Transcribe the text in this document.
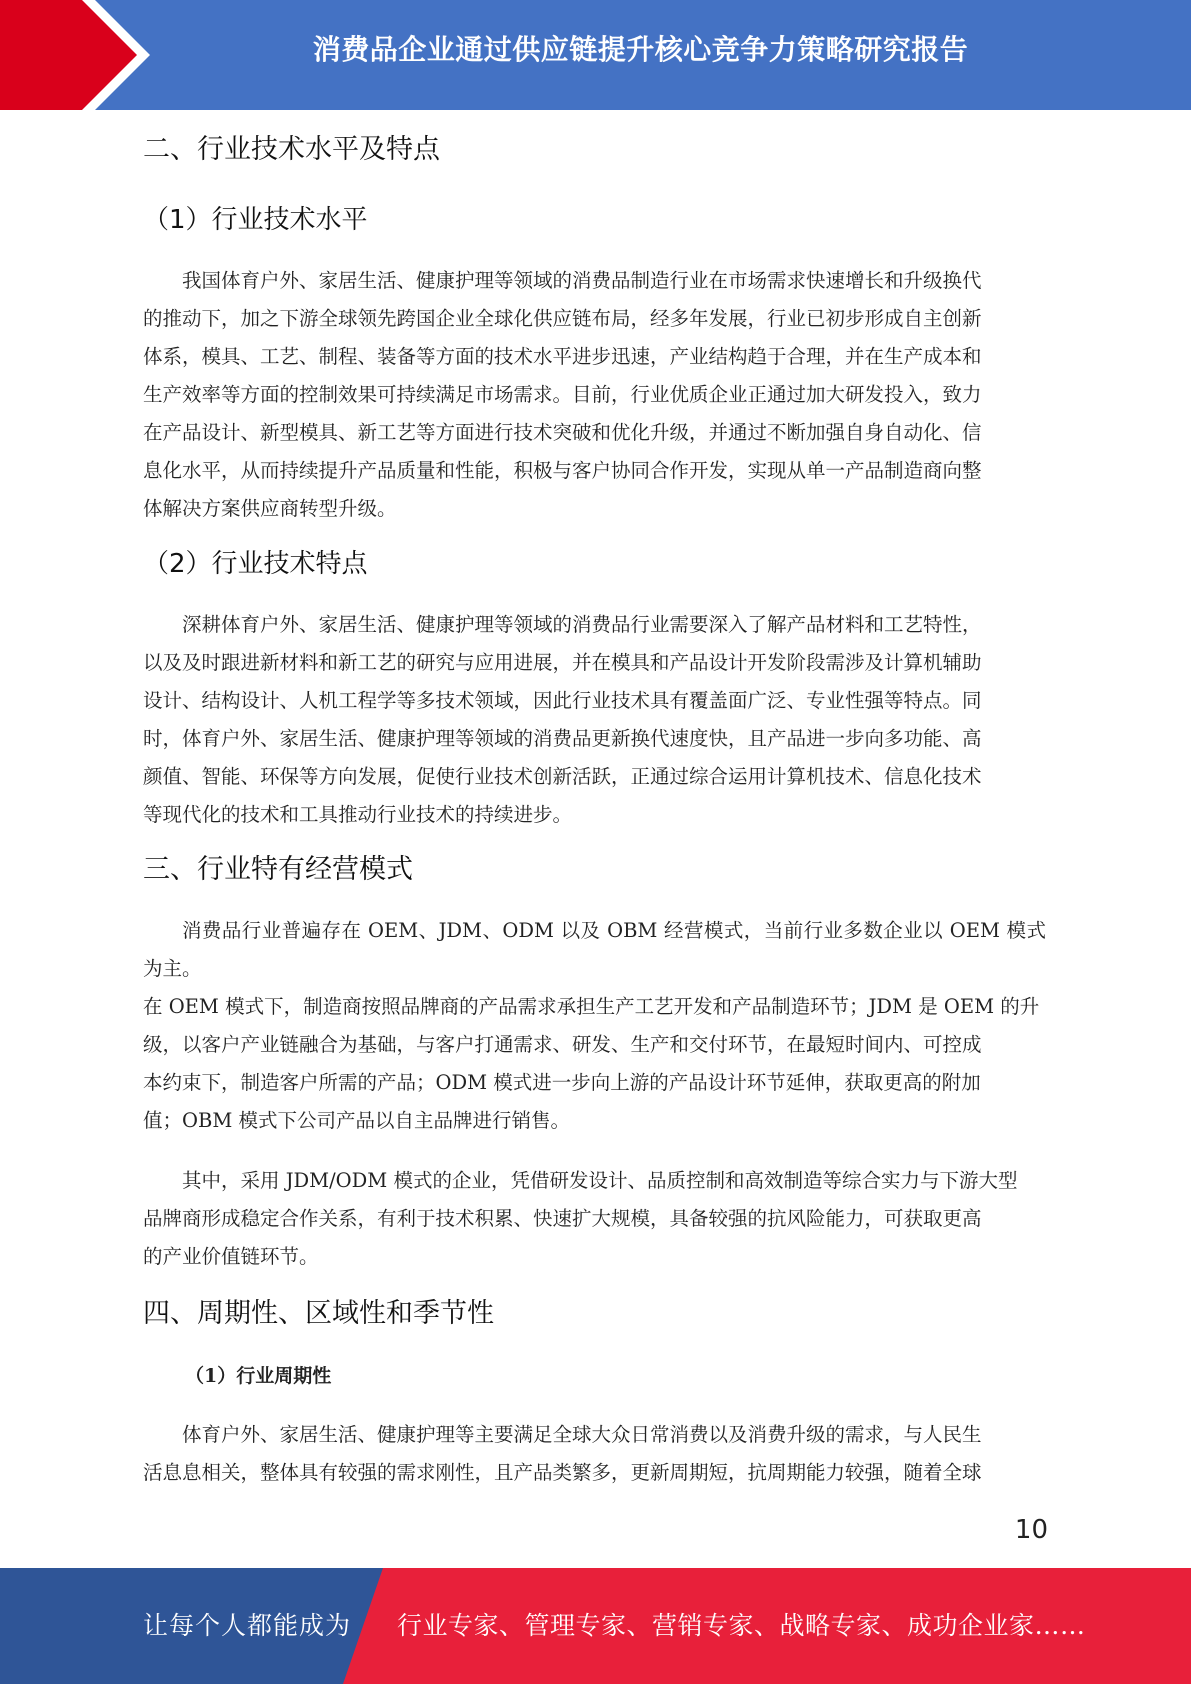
消费品企业通过供应链提升核心竞争力策略研究报告
二、行业技术水平及特点
（1）行业技术水平

我国体育户外、家居生活、健康护理等领域的消费品制造行业在市场需求快速增长和升级换代

的推动下，加之下游全球领先跨国企业全球化供应链布局，经多年发展，行业已初步形成自主创新

体系，模具、工艺、制程、装备等方面的技术水平进步迅速，产业结构趋于合理，并在生产成本和

生产效率等方面的控制效果可持续满足市场需求。目前，行业优质企业正通过加大研发投入，致力

在产品设计、新型模具、新工艺等方面进行技术突破和优化升级，并通过不断加强自身自动化、信

息化水平，从而持续提升产品质量和性能，积极与客户协同合作开发，实现从单一产品制造商向整

体解决方案供应商转型升级。

（2）行业技术特点

深耕体育户外、家居生活、健康护理等领域的消费品行业需要深入了解产品材料和工艺特性，

以及及时跟进新材料和新工艺的研究与应用进展，并在模具和产品设计开发阶段需涉及计算机辅助

设计、结构设计、人机工程学等多技术领域，因此行业技术具有覆盖面广泛、专业性强等特点。同

时，体育户外、家居生活、健康护理等领域的消费品更新换代速度快，且产品进一步向多功能、高

颜值、智能、环保等方向发展，促使行业技术创新活跃，正通过综合运用计算机技术、信息化技术

等现代化的技术和工具推动行业技术的持续进步。

三、行业特有经营模式

消费品行业普遍存在 OEM、JDM、ODM 以及 OBM 经营模式，当前行业多数企业以 OEM 模式为主。

在 OEM 模式下，制造商按照品牌商的产品需求承担生产工艺开发和产品制造环节；JDM 是 OEM 的升

级，以客户产业链融合为基础，与客户打通需求、研发、生产和交付环节，在最短时间内、可控成

本约束下，制造客户所需的产品；ODM 模式进一步向上游的产品设计环节延伸，获取更高的附加

值；OBM 模式下公司产品以自主品牌进行销售。

其中，采用 JDM/ODM 模式的企业，凭借研发设计、品质控制和高效制造等综合实力与下游大型

品牌商形成稳定合作关系，有利于技术积累、快速扩大规模，具备较强的抗风险能力，可获取更高

的产业价值链环节。

四、周期性、区域性和季节性
（1）行业周期性

体育户外、家居生活、健康护理等主要满足全球大众日常消费以及消费升级的需求，与人民生

活息息相关，整体具有较强的需求刚性，且产品类繁多，更新周期短，抗周期能力较强，随着全球

10
让每个人都能成为 行业专家、管理专家、营销专家、战略专家、成功企业家……
